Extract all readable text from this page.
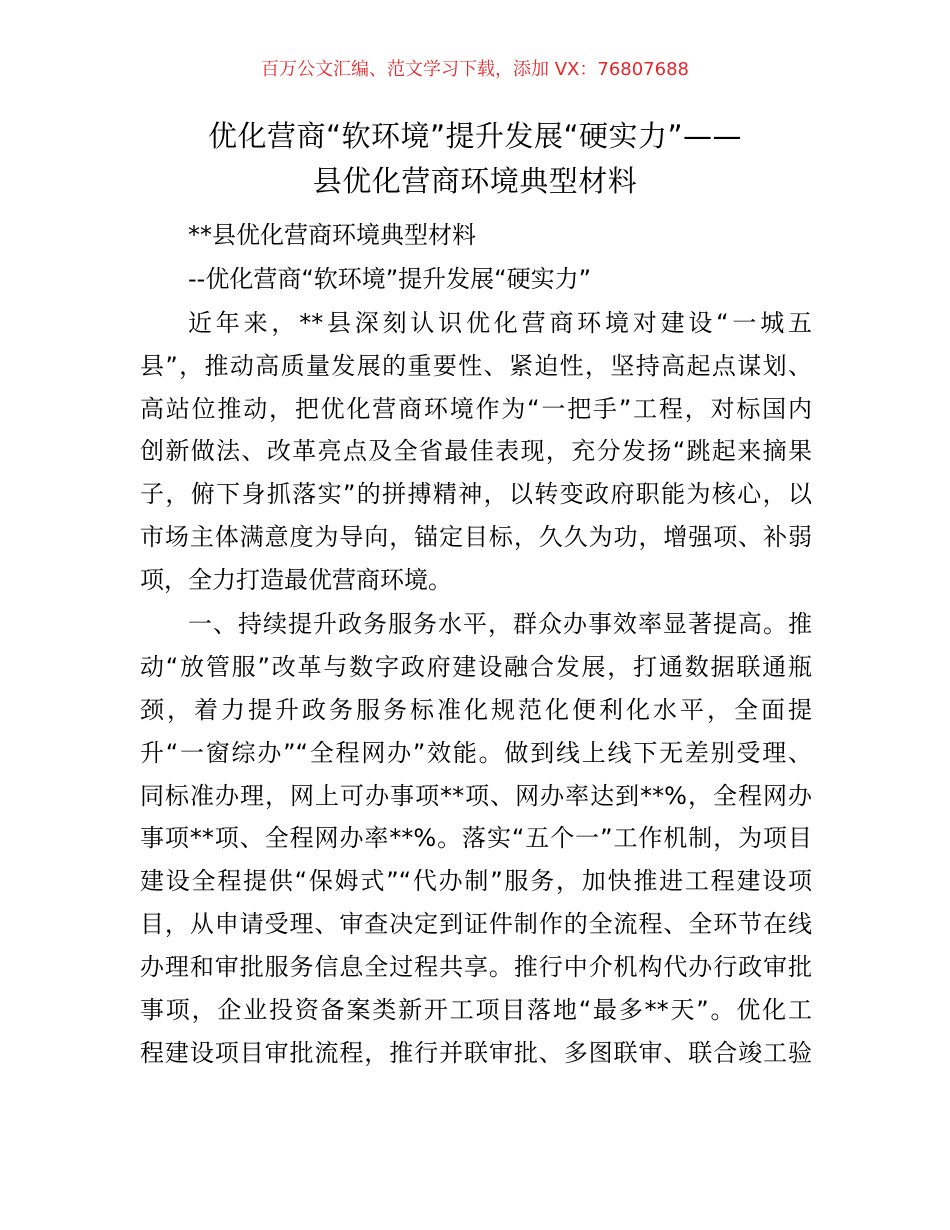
百万公文汇编、范文学习下载，添加 VX：76807688
优化营商“软环境”提升发展“硬实力”——
县优化营商环境典型材料
**县优化营商环境典型材料
--优化营商“软环境”提升发展“硬实力”
近年来，**县深刻认识优化营商环境对建设“一城五
县”，推动高质量发展的重要性、紧迫性，坚持高起点谋划、
高站位推动，把优化营商环境作为“一把手”工程，对标国内
创新做法、改革亮点及全省最佳表现，充分发扬“跳起来摘果
子，俯下身抓落实”的拼搏精神，以转变政府职能为核心，以
市场主体满意度为导向，锚定目标，久久为功，增强项、补弱
项，全力打造最优营商环境。
一、持续提升政务服务水平，群众办事效率显著提高。推
动“放管服”改革与数字政府建设融合发展，打通数据联通瓶
颈，着力提升政务服务标准化规范化便利化水平，全面提
升“一窗综办”“全程网办”效能。做到线上线下无差别受理、
同标准办理，网上可办事项**项、网办率达到**%，全程网办
事项**项、全程网办率**%。落实“五个一”工作机制，为项目
建设全程提供“保姆式”“代办制”服务，加快推进工程建设项
目，从申请受理、审查决定到证件制作的全流程、全环节在线
办理和审批服务信息全过程共享。推行中介机构代办行政审批
事项，企业投资备案类新开工项目落地“最多**天”。优化工
程建设项目审批流程，推行并联审批、多图联审、联合竣工验
